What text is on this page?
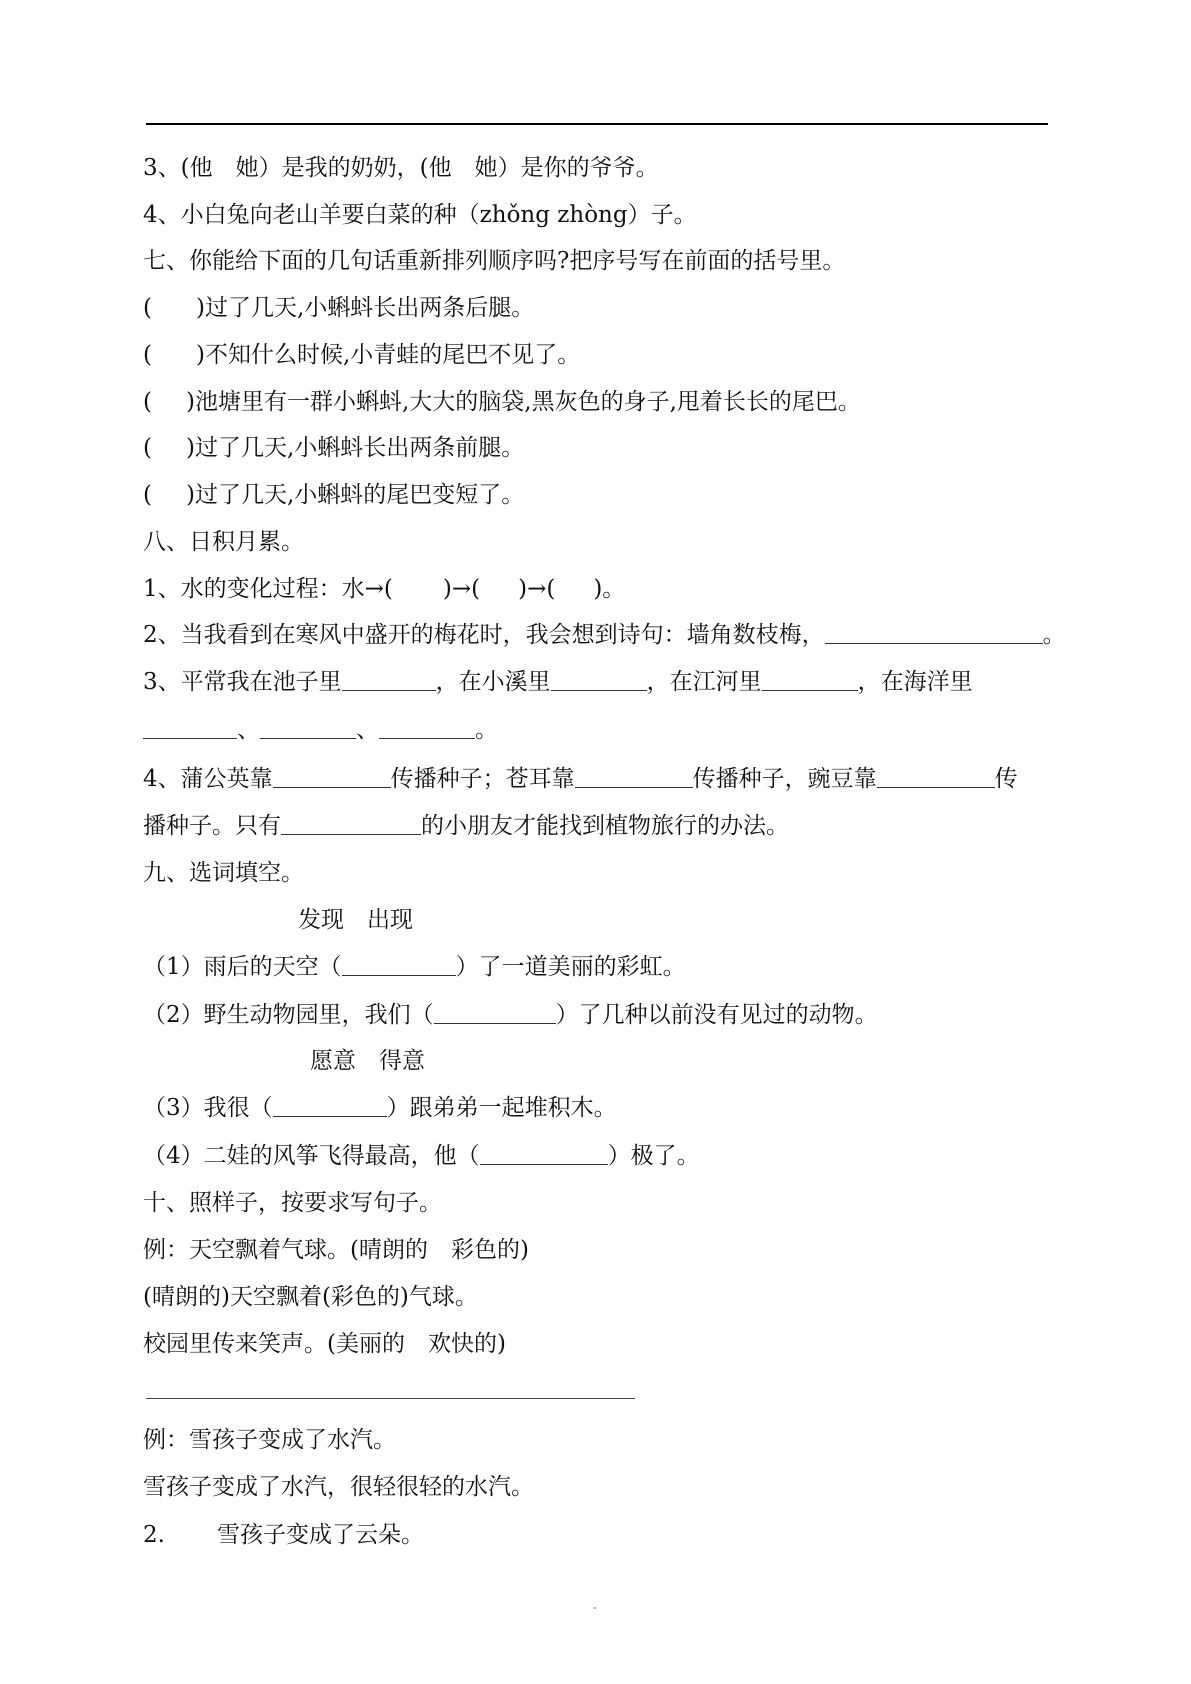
3、(他　她）是我的奶奶，(他　她）是你的爷爷。
4、小白兔向老山羊要白菜的种（zhǒng zhòng）子。
七、你能给下面的几句话重新排列顺序吗?把序号写在前面的括号里。
( )过了几天,小蝌蚪长出两条后腿。
( )不知什么时候,小青蛙的尾巴不见了。
( )池塘里有一群小蝌蚪,大大的脑袋,黑灰色的身子,甩着长长的尾巴。
( )过了几天,小蝌蚪长出两条前腿。
( )过了几天,小蝌蚪的尾巴变短了。
八、日积月累。
1、水的变化过程：水→( )→( )→( )。
2、当我看到在寒风中盛开的梅花时，我会想到诗句：墙角数枝梅，	。
3、平常我在池子里	，在小溪里	，在江河里	，在海洋里
、	、	。
4、蒲公英靠	传播种子；苍耳靠	传播种子，豌豆靠	传
播种子。只有	的小朋友才能找到植物旅行的办法。
九、选词填空。
发现　出现
（1）雨后的天空（	）了一道美丽的彩虹。
（2）野生动物园里，我们（	）了几种以前没有见过的动物。
愿意　得意
（3）我很（	）跟弟弟一起堆积木。
（4）二娃的风筝飞得最高，他（	）极了。
十、照样子，按要求写句子。
例：天空飘着气球。(晴朗的　彩色的)
(晴朗的)天空飘着(彩色的)气球。
校园里传来笑声。(美丽的　欢快的)
例：雪孩子变成了水汽。
雪孩子变成了水汽，很轻很轻的水汽。
2. 雪孩子变成了云朵。
